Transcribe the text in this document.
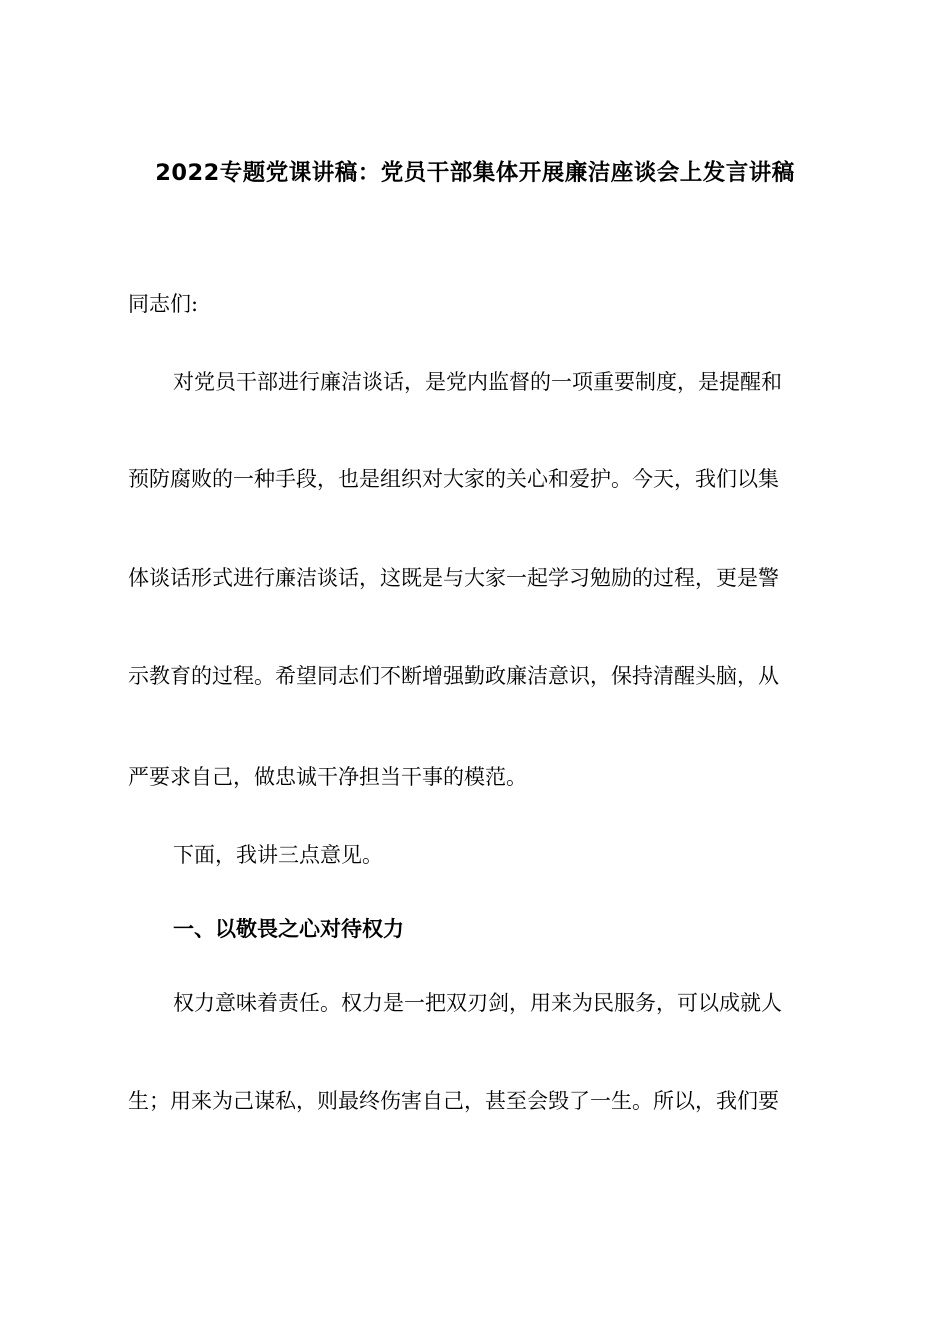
2022专题党课讲稿：党员干部集体开展廉洁座谈会上发言讲稿
同志们:
对党员干部进行廉洁谈话，是党内监督的一项重要制度，是提醒和
预防腐败的一种手段，也是组织对大家的关心和爱护。今天，我们以集
体谈话形式进行廉洁谈话，这既是与大家一起学习勉励的过程，更是警
示教育的过程。希望同志们不断增强勤政廉洁意识，保持清醒头脑，从
严要求自己，做忠诚干净担当干事的模范。
下面，我讲三点意见。
一、以敬畏之心对待权力
权力意味着责任。权力是一把双刃剑，用来为民服务，可以成就人
生；用来为己谋私，则最终伤害自己，甚至会毁了一生。所以，我们要
